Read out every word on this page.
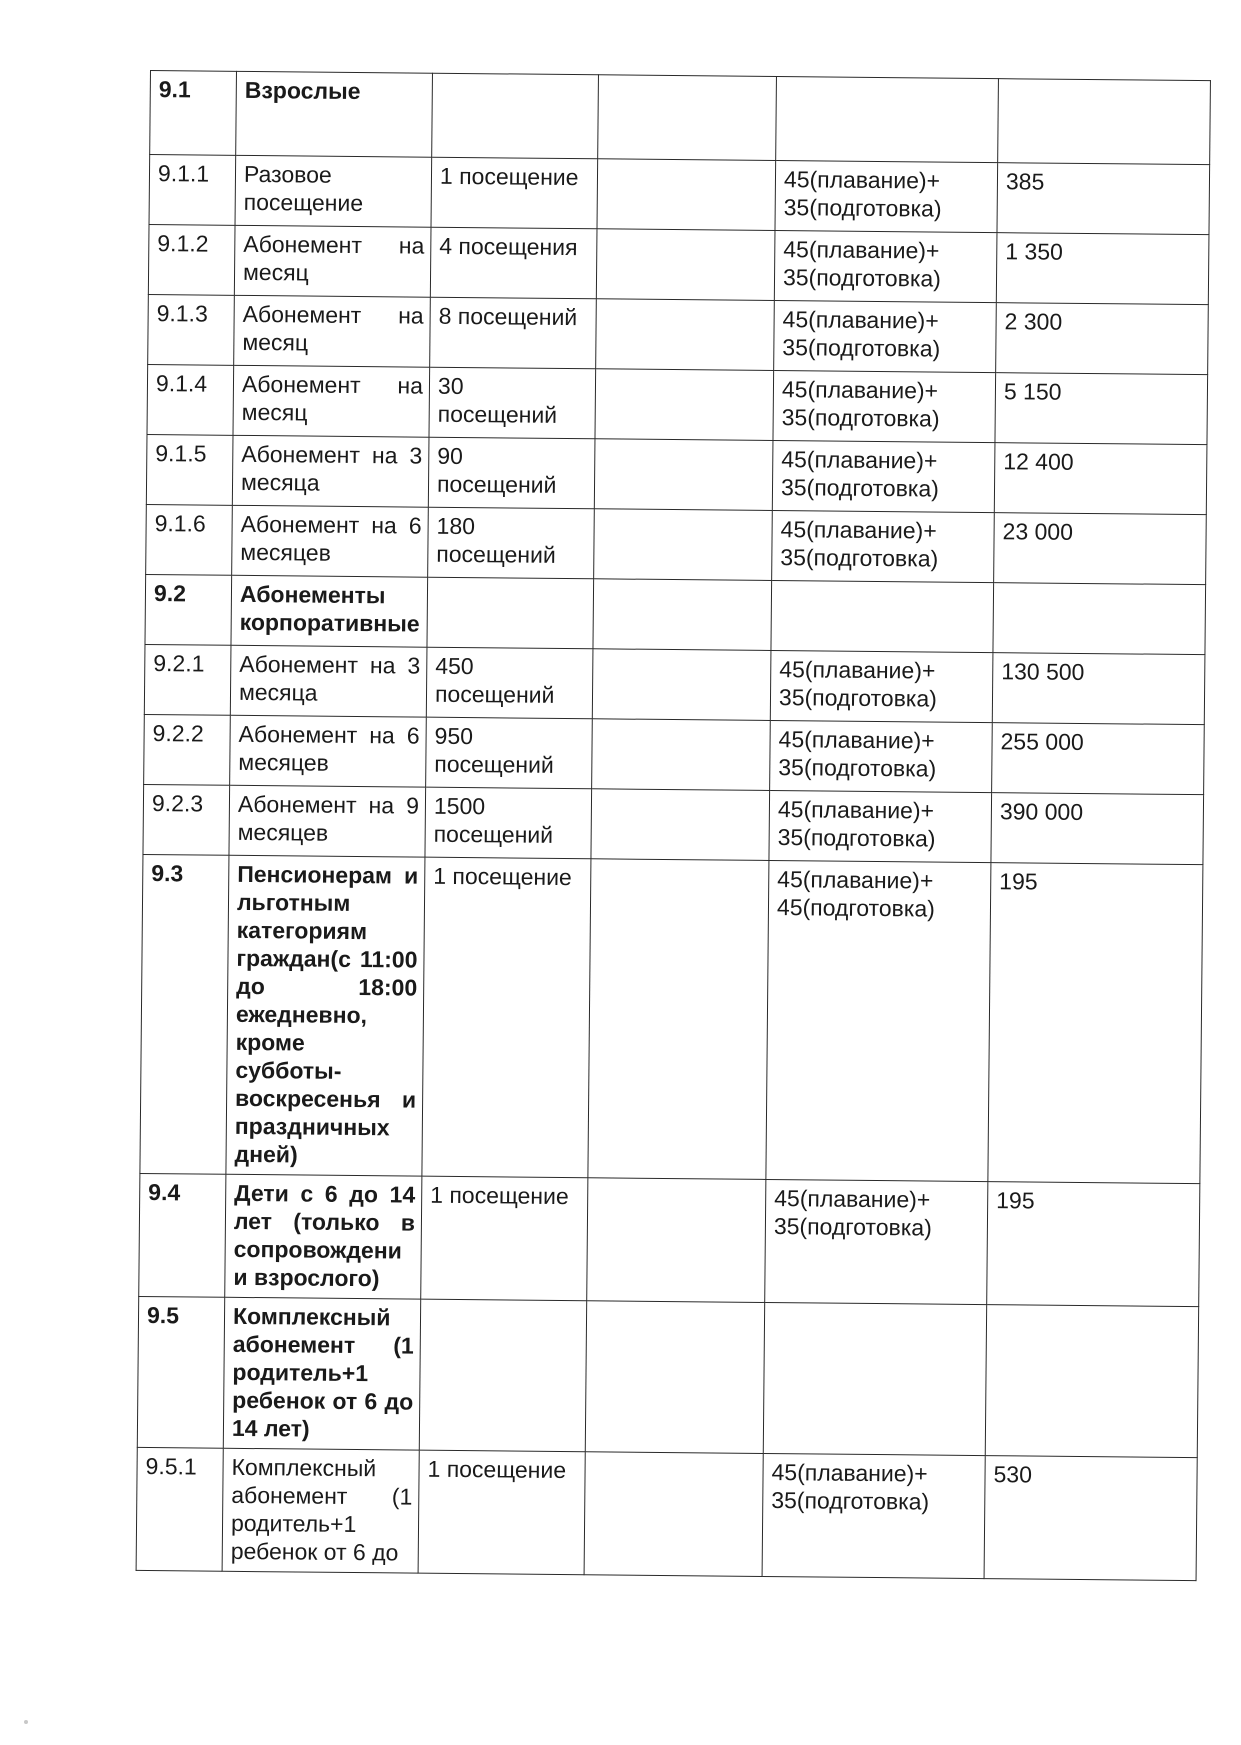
9.1	Взрослые				
9.1.1	Разовое посещение	1 посещение		45(плавание)+ 35(подготовка)	385
9.1.2	Абонемент на месяц	4 посещения		45(плавание)+ 35(подготовка)	1 350
9.1.3	Абонемент на месяц	8 посещений		45(плавание)+ 35(подготовка)	2 300
9.1.4	Абонемент на месяц	30 посещений		45(плавание)+ 35(подготовка)	5 150
9.1.5	Абонемент на 3 месяца	90 посещений		45(плавание)+ 35(подготовка)	12 400
9.1.6	Абонемент на 6 месяцев	180 посещений		45(плавание)+ 35(подготовка)	23 000
9.2	Абонементы корпоративные				
9.2.1	Абонемент на 3 месяца	450 посещений		45(плавание)+ 35(подготовка)	130 500
9.2.2	Абонемент на 6 месяцев	950 посещений		45(плавание)+ 35(подготовка)	255 000
9.2.3	Абонемент на 9 месяцев	1500 посещений		45(плавание)+ 35(подготовка)	390 000
9.3	Пенсионерам и льготным категориям граждан(с 11:00 до 18:00 ежедневно, кроме субботы-воскресенья и праздничных дней)	1 посещение		45(плавание)+ 45(подготовка)	195
9.4	Дети с 6 до 14 лет (только в сопровождени и взрослого)	1 посещение		45(плавание)+ 35(подготовка)	195
9.5	Комплексный абонемент (1 родитель+1 ребенок от 6 до 14 лет)				
9.5.1	Комплексный абонемент (1 родитель+1 ребенок от 6 до	1 посещение		45(плавание)+ 35(подготовка)	530
